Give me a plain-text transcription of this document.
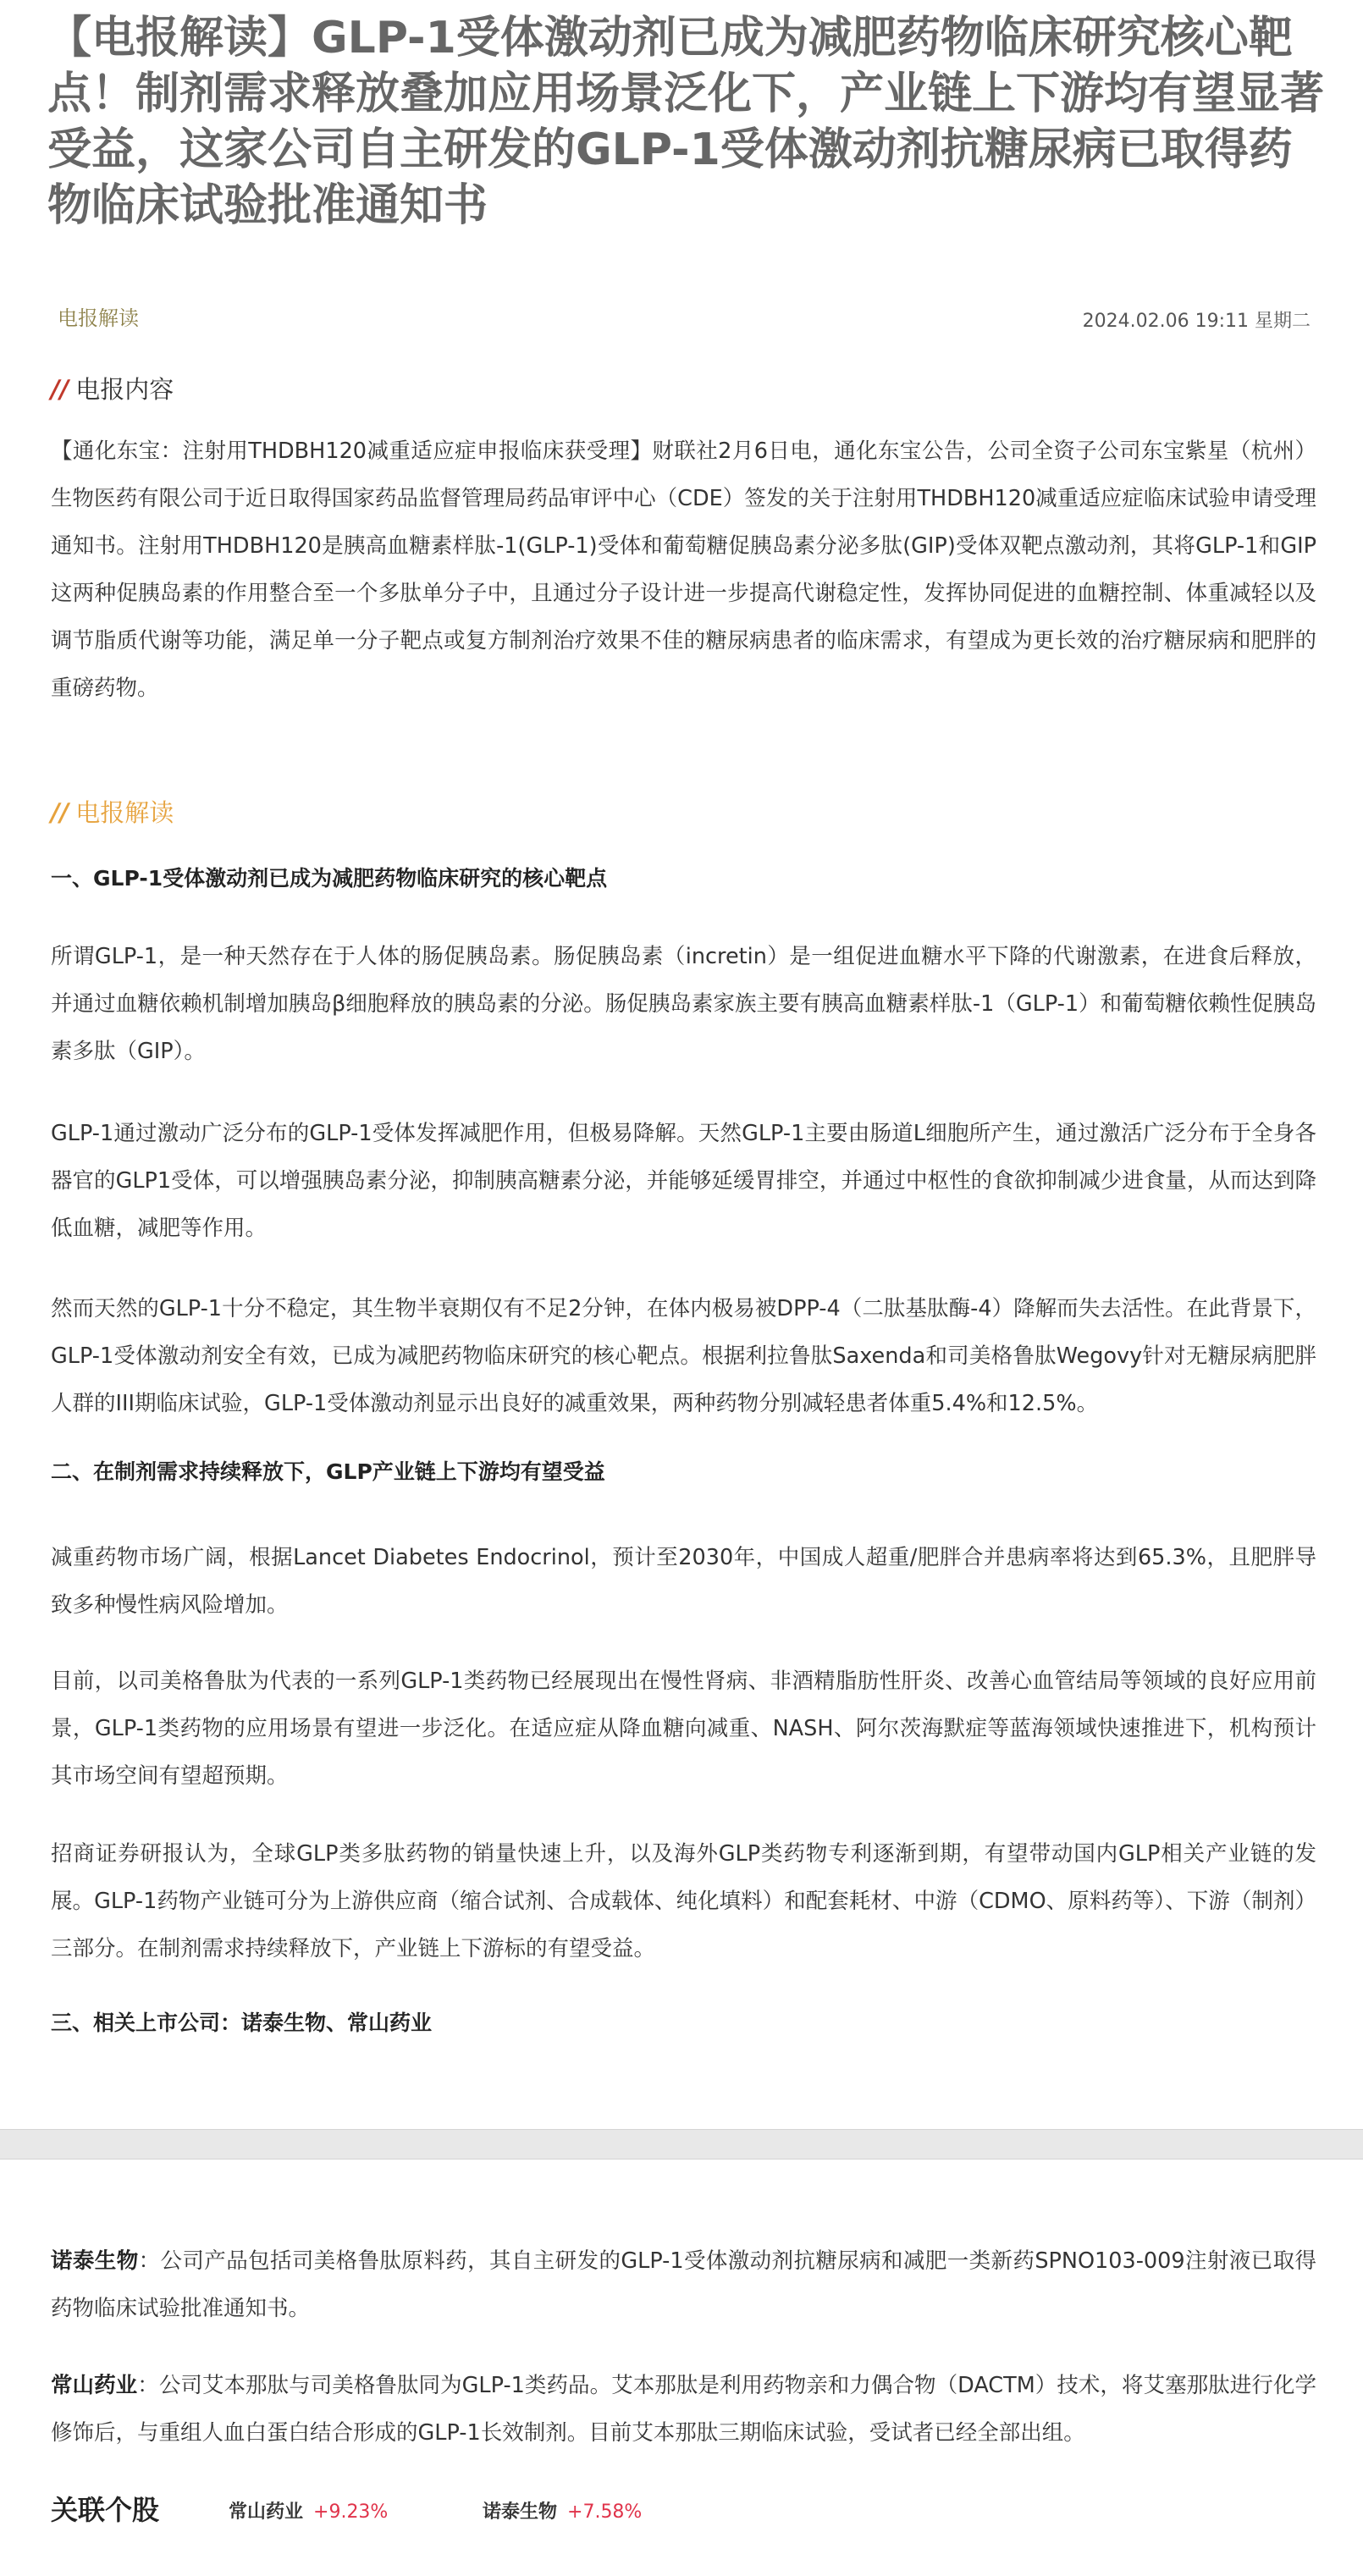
【电报解读】GLP-1受体激动剂已成为减肥药物临床研究核心靶点！制剂需求释放叠加应用场景泛化下，产业链上下游均有望显著受益，这家公司自主研发的GLP-1受体激动剂抗糖尿病已取得药物临床试验批准通知书
电报解读	2024.02.06 19:11 星期二
// 电报内容

【通化东宝：注射用THDBH120减重适应症申报临床获受理】财联社2月6日电，通化东宝公告，公司全资子公司东宝紫星（杭州）生物医药有限公司于近日取得国家药品监督管理局药品审评中心（CDE）签发的关于注射用THDBH120减重适应症临床试验申请受理通知书。注射用THDBH120是胰高血糖素样肽-1(GLP-1)受体和葡萄糖促胰岛素分泌多肽(GIP)受体双靶点激动剂，其将GLP-1和GIP这两种促胰岛素的作用整合至一个多肽单分子中，且通过分子设计进一步提高代谢稳定性，发挥协同促进的血糖控制、体重减轻以及调节脂质代谢等功能，满足单一分子靶点或复方制剂治疗效果不佳的糖尿病患者的临床需求，有望成为更长效的治疗糖尿病和肥胖的重磅药物。

// 电报解读
一、GLP-1受体激动剂已成为减肥药物临床研究的核心靶点

所谓GLP-1，是一种天然存在于人体的肠促胰岛素。肠促胰岛素（incretin）是一组促进血糖水平下降的代谢激素，在进食后释放，并通过血糖依赖机制增加胰岛β细胞释放的胰岛素的分泌。肠促胰岛素家族主要有胰高血糖素样肽-1（GLP-1）和葡萄糖依赖性促胰岛素多肽（GIP）。

GLP-1通过激动广泛分布的GLP-1受体发挥减肥作用，但极易降解。天然GLP-1主要由肠道L细胞所产生，通过激活广泛分布于全身各器官的GLP1受体，可以增强胰岛素分泌，抑制胰高糖素分泌，并能够延缓胃排空，并通过中枢性的食欲抑制减少进食量，从而达到降低血糖，减肥等作用。

然而天然的GLP-1十分不稳定，其生物半衰期仅有不足2分钟，在体内极易被DPP-4（二肽基肽酶-4）降解而失去活性。在此背景下，GLP-1受体激动剂安全有效，已成为减肥药物临床研究的核心靶点。根据利拉鲁肽Saxenda和司美格鲁肽Wegovy针对无糖尿病肥胖人群的III期临床试验，GLP-1受体激动剂显示出良好的减重效果，两种药物分别减轻患者体重5.4%和12.5%。

二、在制剂需求持续释放下，GLP产业链上下游均有望受益

减重药物市场广阔，根据Lancet Diabetes Endocrinol，预计至2030年，中国成人超重/肥胖合并患病率将达到65.3%，且肥胖导致多种慢性病风险增加。

目前，以司美格鲁肽为代表的一系列GLP-1类药物已经展现出在慢性肾病、非酒精脂肪性肝炎、改善心血管结局等领域的良好应用前景，GLP-1类药物的应用场景有望进一步泛化。在适应症从降血糖向减重、NASH、阿尔茨海默症等蓝海领域快速推进下，机构预计其市场空间有望超预期。

招商证券研报认为，全球GLP类多肽药物的销量快速上升，以及海外GLP类药物专利逐渐到期，有望带动国内GLP相关产业链的发展。GLP-1药物产业链可分为上游供应商（缩合试剂、合成载体、纯化填料）和配套耗材、中游（CDMO、原料药等）、下游（制剂）三部分。在制剂需求持续释放下，产业链上下游标的有望受益。

三、相关上市公司：诺泰生物、常山药业

诺泰生物：公司产品包括司美格鲁肽原料药，其自主研发的GLP-1受体激动剂抗糖尿病和减肥一类新药SPNO103-009注射液已取得药物临床试验批准通知书。

常山药业：公司艾本那肽与司美格鲁肽同为GLP-1类药品。艾本那肽是利用药物亲和力偶合物（DACTM）技术，将艾塞那肽进行化学修饰后，与重组人血白蛋白结合形成的GLP-1长效制剂。目前艾本那肽三期临床试验，受试者已经全部出组。

关联个股	常山药业 +9.23%	诺泰生物 +7.58%
